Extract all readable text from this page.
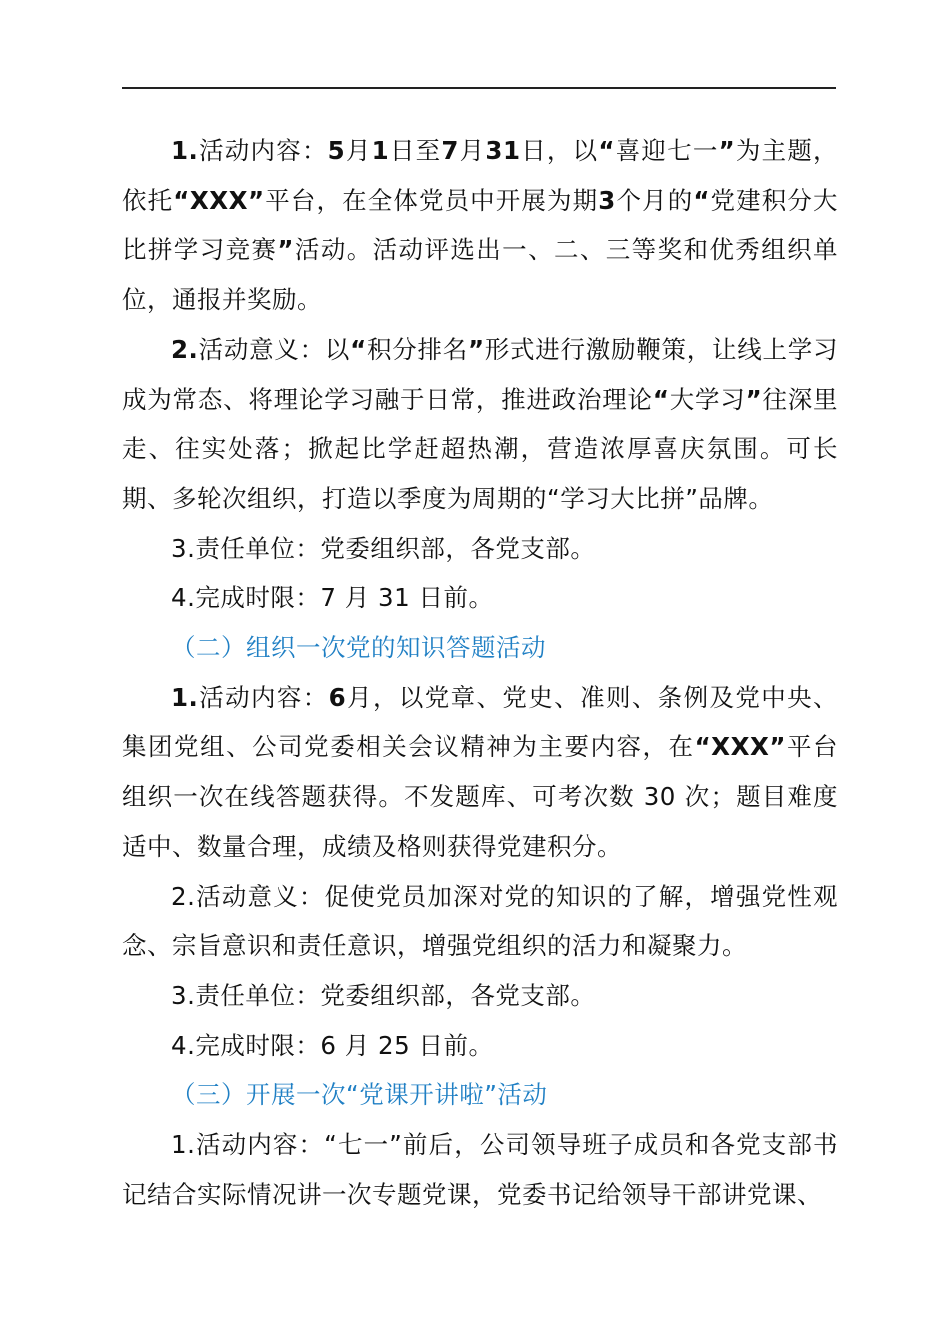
1.活动内容：5月1日至7月31日，以“喜迎七一”为主题，依托“XXX”平台，在全体党员中开展为期3个月的“党建积分大比拼学习竞赛”活动。活动评选出一、二、三等奖和优秀组织单位，通报并奖励。

2.活动意义：以“积分排名”形式进行激励鞭策，让线上学习成为常态、将理论学习融于日常，推进政治理论“大学习”往深里走、往实处落；掀起比学赶超热潮，营造浓厚喜庆氛围。可长期、多轮次组织，打造以季度为周期的“学习大比拼”品牌。

3.责任单位：党委组织部，各党支部。

4.完成时限：7 月 31 日前。

（二）组织一次党的知识答题活动

1.活动内容：6月，以党章、党史、准则、条例及党中央、集团党组、公司党委相关会议精神为主要内容，在“XXX”平台组织一次在线答题获得。不发题库、可考次数 30 次；题目难度适中、数量合理，成绩及格则获得党建积分。

2.活动意义：促使党员加深对党的知识的了解，增强党性观念、宗旨意识和责任意识，增强党组织的活力和凝聚力。

3.责任单位：党委组织部，各党支部。

4.完成时限：6 月 25 日前。

（三）开展一次“党课开讲啦”活动

1.活动内容：“七一”前后，公司领导班子成员和各党支部书记结合实际情况讲一次专题党课，党委书记给领导干部讲党课、
